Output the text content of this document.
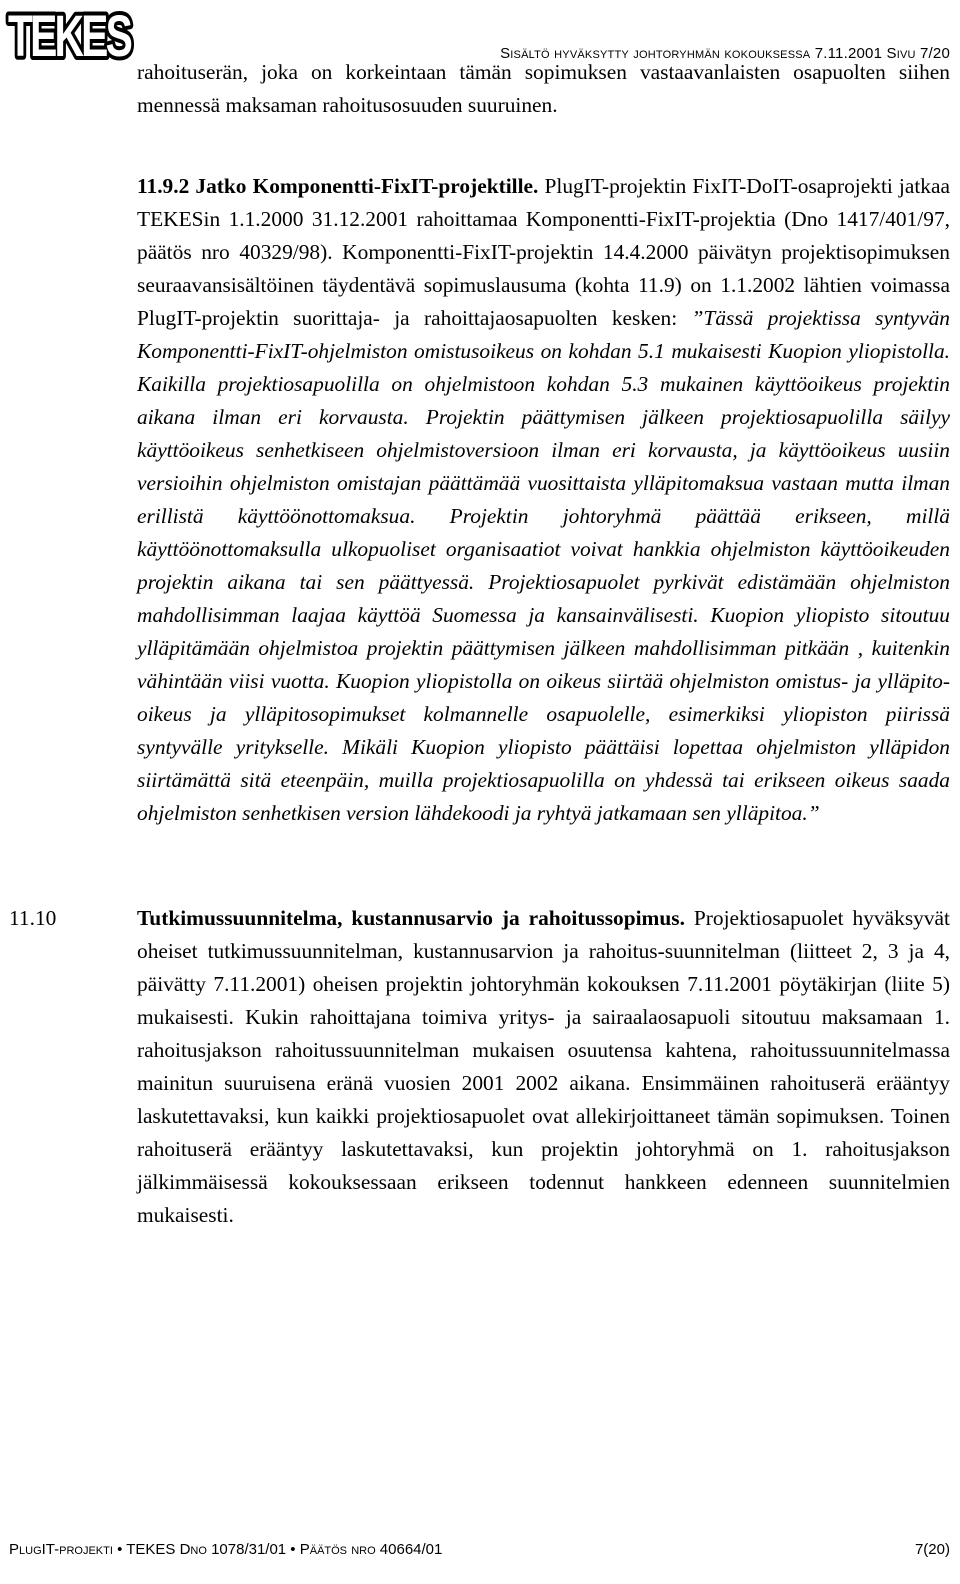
TEKES	Sisältö hyväksytty johtoryhmän kokouksessa 7.11.2001 Sivu 7/20
rahoituserän, joka on korkeintaan tämän sopimuksen vastaavanlaisten osapuolten siihen mennessä maksaman rahoitusosuuden suuruinen.
11.9.2 Jatko Komponentti-FixIT-projektille. PlugIT-projektin FixIT-DoIT-osaprojekti jatkaa TEKESin 1.1.2000 31.12.2001 rahoittamaa Komponentti-FixIT-projektia (Dno 1417/401/97, päätös nro 40329/98). Komponentti-FixIT-projektin 14.4.2000 päivätyn projektisopimuksen seuraavansisältöinen täydentävä sopimuslausuma (kohta 11.9) on 1.1.2002 lähtien voimassa PlugIT-projektin suorittaja- ja rahoittajaosapuolten kesken: ”Tässä projektissa syntyvän Komponentti-FixIT-ohjelmiston omistusoikeus on kohdan 5.1 mukaisesti Kuopion yliopistolla. Kaikilla projektiosapuolilla on ohjelmistoon kohdan 5.3 mukainen käyttöoikeus projektin aikana ilman eri korvausta. Projektin päättymisen jälkeen projektiosapuolilla säilyy käyttöoikeus senhetkiseen ohjelmistoversioon ilman eri korvausta, ja käyttöoikeus uusiin versioihin ohjelmiston omistajan päättämää vuosittaista ylläpitomaksua vastaan mutta ilman erillistä käyttöönottomaksua. Projektin johtoryhmä päättää erikseen, millä käyttöönottomaksulla ulkopuoliset organisaatiot voivat hankkia ohjelmiston käyttöoikeuden projektin aikana tai sen päättyessä. Projektiosapuolet pyrkivät edistämään ohjelmiston mahdollisimman laajaa käyttöä Suomessa ja kansainvälisesti. Kuopion yliopisto sitoutuu ylläpitämään ohjelmistoa projektin päättymisen jälkeen mahdollisimman pitkään , kuitenkin vähintään viisi vuotta. Kuopion yliopistolla on oikeus siirtää ohjelmiston omistus- ja ylläpito-oikeus ja ylläpitosopimukset kolmannelle osapuolelle, esimerkiksi yliopiston piirissä syntyvälle yritykselle. Mikäli Kuopion yliopisto päättäisi lopettaa ohjelmiston ylläpidon siirtämättä sitä eteenpäin, muilla projektiosapuolilla on yhdessä tai erikseen oikeus saada ohjelmiston senhetkisen version lähdekoodi ja ryhtyä jatkamaan sen ylläpitoa.”
11.10	Tutkimussuunnitelma, kustannusarvio ja rahoitussopimus. Projektiosapuolet hyväksyvät oheiset tutkimussuunnitelman, kustannusarvion ja rahoitus-suunnitelman (liitteet 2, 3 ja 4, päivätty 7.11.2001) oheisen projektin johtoryhmän kokouksen 7.11.2001 pöytäkirjan (liite 5) mukaisesti. Kukin rahoittajana toimiva yritys- ja sairaalaosapuoli sitoutuu maksamaan 1. rahoitusjakson rahoitussuunnitelman mukaisen osuutensa kahtena, rahoitussuunnitelmassa mainitun suuruisena eränä vuosien 2001 2002 aikana. Ensimmäinen rahoituserä erääntyy laskutettavaksi, kun kaikki projektiosapuolet ovat allekirjoittaneet tämän sopimuksen. Toinen rahoituserä erääntyy laskutettavaksi, kun projektin johtoryhmä on 1. rahoitusjakson jälkimmäisessä kokouksessaan erikseen todennut hankkeen edenneen suunnitelmien mukaisesti.
PlugIT-projekti • TEKES Dno 1078/31/01 • Päätös nro 40664/01	7(20)
